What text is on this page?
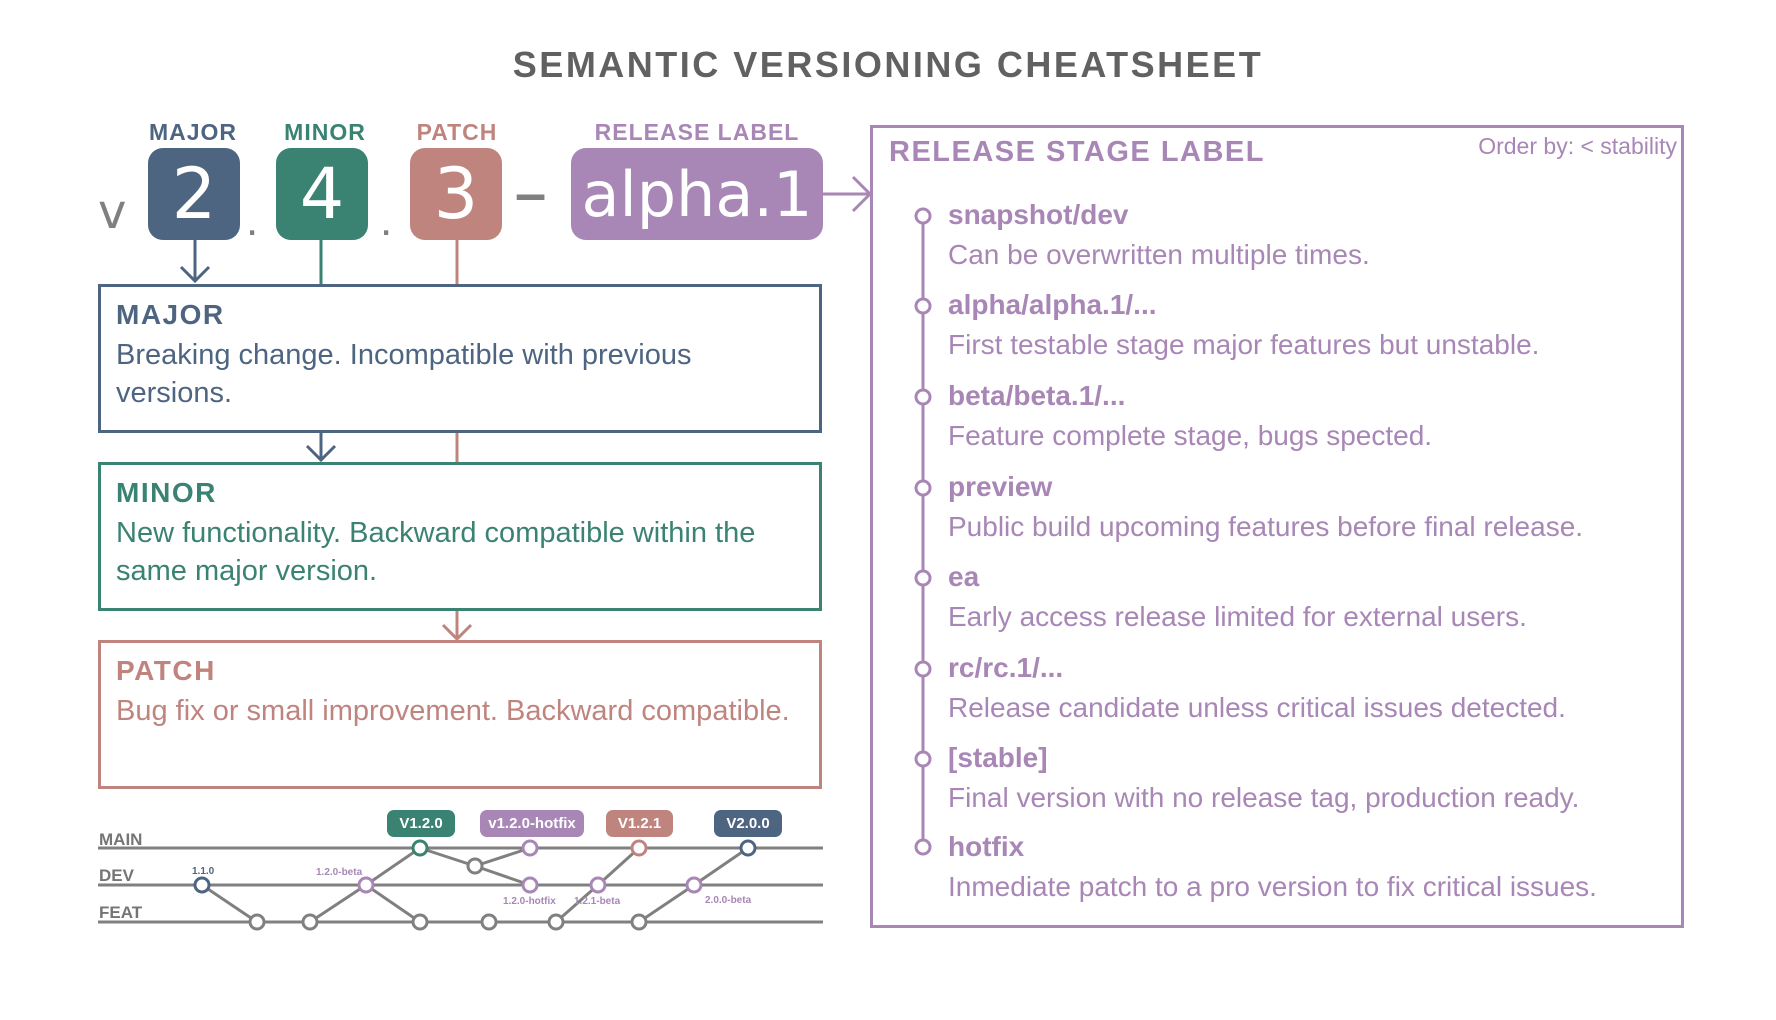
SEMANTIC VERSIONING CHEATSHEET
v
MAJOR
2 .
MINOR
4 .
PATCH
3 –
RELEASE LABEL
alpha.1
MAJOR
Breaking change. Incompatible with previous versions.
MINOR
New functionality. Backward compatible within the same major version.
PATCH
Bug fix or small improvement. Backward compatible.
MAIN
DEV
FEAT
V1.2.0	v1.2.0-hotfix	V1.2.1	V2.0.0
1.1.0	1.2.0-beta
1.2.0-hotfix 1.2.1-beta	2.0.0-beta
RELEASE STAGE LABEL	Order by: < stability
snapshot/dev
Can be overwritten multiple times.
alpha/alpha.1/...
First testable stage major features but unstable.
beta/beta.1/...
Feature complete stage, bugs spected.
preview
Public build upcoming features before final release.
ea
Early access release limited for external users.
rc/rc.1/...
Release candidate unless critical issues detected.
[stable]
Final version with no release tag, production ready.
hotfix
Inmediate patch to a pro version to fix critical issues.
